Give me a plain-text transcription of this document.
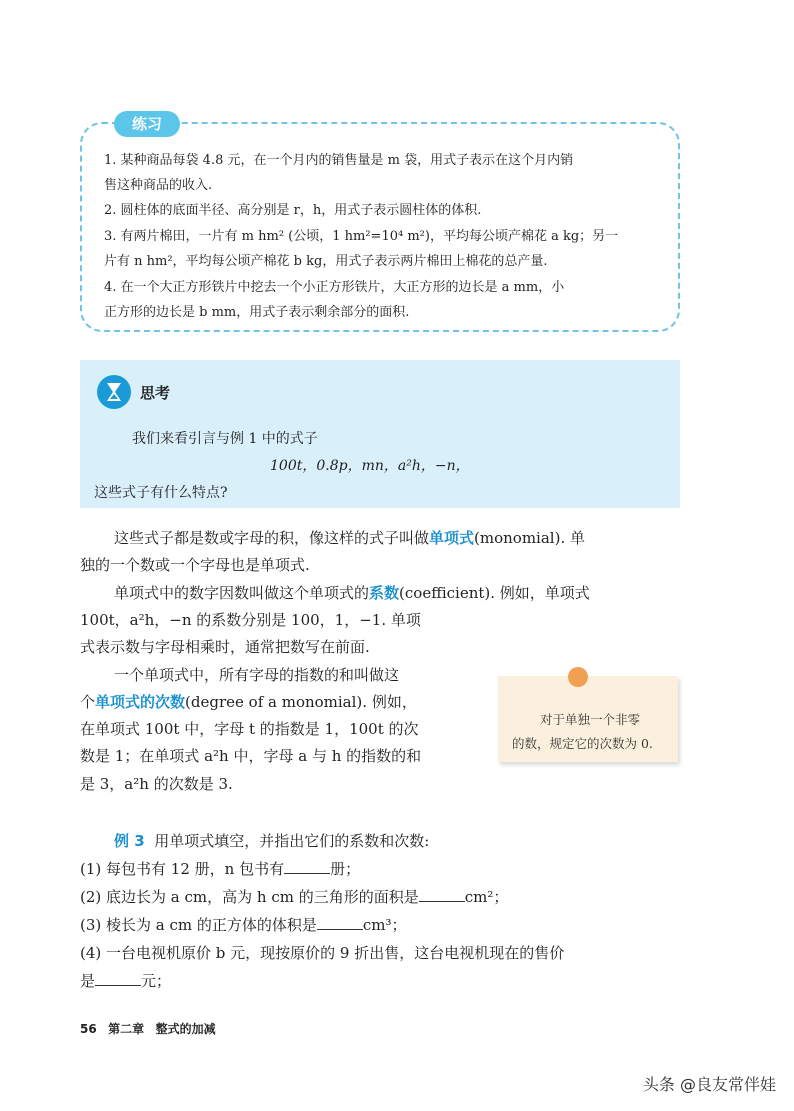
练习
1. 某种商品每袋 4.8 元，在一个月内的销售量是 m 袋，用式子表示在这个月内销
售这种商品的收入.
2. 圆柱体的底面半径、高分别是 r，h，用式子表示圆柱体的体积.
3. 有两片棉田，一片有 m hm² (公顷，1 hm²=10⁴ m²)，平均每公顷产棉花 a kg；另一
片有 n hm²，平均每公顷产棉花 b kg，用式子表示两片棉田上棉花的总产量.
4. 在一个大正方形铁片中挖去一个小正方形铁片，大正方形的边长是 a mm，小
正方形的边长是 b mm，用式子表示剩余部分的面积.
思考
我们来看引言与例 1 中的式子
100t，0.8p，mn，a²h，−n，
这些式子有什么特点?
这些式子都是数或字母的积，像这样的式子叫做单项式(monomial). 单
独的一个数或一个字母也是单项式.
单项式中的数字因数叫做这个单项式的系数(coefficient). 例如，单项式
100t，a²h，−n 的系数分别是 100，1，−1. 单项
式表示数与字母相乘时，通常把数写在前面.
一个单项式中，所有字母的指数的和叫做这
个单项式的次数(degree of a monomial). 例如，
在单项式 100t 中，字母 t 的指数是 1，100t 的次
数是 1；在单项式 a²h 中，字母 a 与 h 的指数的和
是 3，a²h 的次数是 3.
对于单独一个非零
的数，规定它的次数为 0.
例 3 用单项式填空，并指出它们的系数和次数:
(1) 每包书有 12 册，n 包书有	册；
(2) 底边长为 a cm，高为 h cm 的三角形的面积是	cm²；
(3) 棱长为 a cm 的正方体的体积是	cm³；
(4) 一台电视机原价 b 元，现按原价的 9 折出售，这台电视机现在的售价
是	元；
56 第二章 整式的加减
头条 @良友常伴娃
